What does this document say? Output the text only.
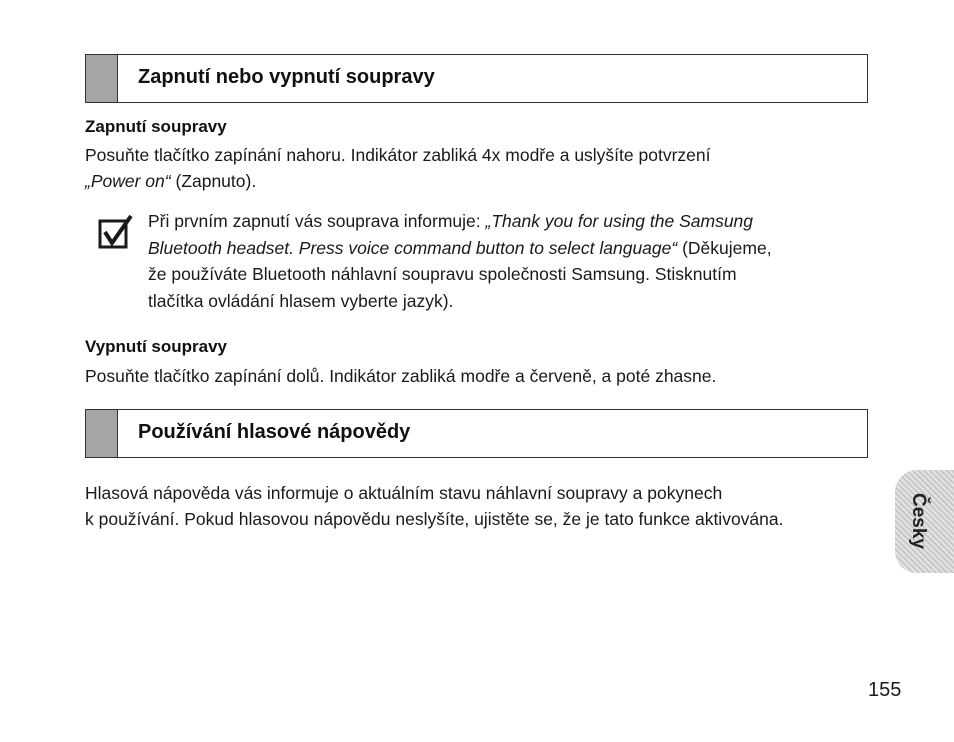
Zapnutí nebo vypnutí soupravy
Zapnutí soupravy
Posuňte tlačítko zapínání nahoru. Indikátor zabliká 4x modře a uslyšíte potvrzení
„Power on“ (Zapnuto).
Při prvním zapnutí vás souprava informuje: „Thank you for using the Samsung
Bluetooth headset. Press voice command button to select language“ (Děkujeme,
že používáte Bluetooth náhlavní soupravu společnosti Samsung. Stisknutím
tlačítka ovládání hlasem vyberte jazyk).
Vypnutí soupravy
Posuňte tlačítko zapínání dolů. Indikátor zabliká modře a červeně, a poté zhasne.
Používání hlasové nápovědy
Hlasová nápověda vás informuje o aktuálním stavu náhlavní soupravy a pokynech
k používání. Pokud hlasovou nápovědu neslyšíte, ujistěte se, že je tato funkce aktivována.	Česky
155
